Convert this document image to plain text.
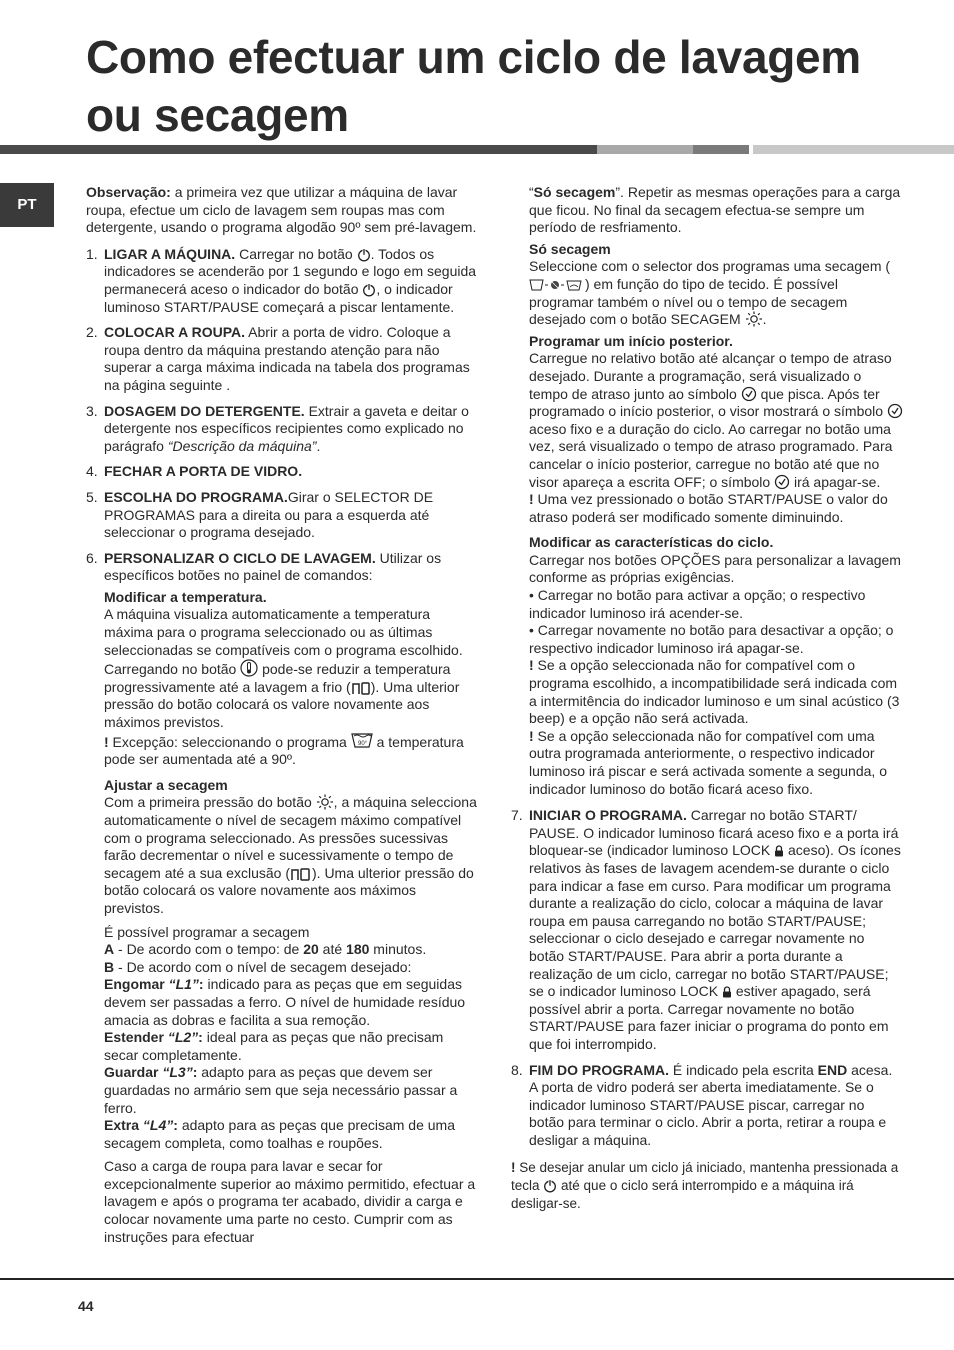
Como efectuar um ciclo de lavagem ou secagem
PT
Observação: a primeira vez que utilizar a máquina de lavar roupa, efectue um ciclo de lavagem sem roupas mas com detergente, usando o programa algodão 90º sem pré-lavagem.
1. LIGAR A MÁQUINA. Carregar no botão . Todos os indicadores se acenderão por 1 segundo e logo em seguida permanecerá aceso o indicador do botão , o indicador luminoso START/PAUSE começará a piscar lentamente.
2. COLOCAR A ROUPA. Abrir a porta de vidro. Coloque a roupa dentro da máquina prestando atenção para não superar a carga máxima indicada na tabela dos programas na página seguinte .
3. DOSAGEM DO DETERGENTE. Extrair a gaveta e deitar o detergente nos específicos recipientes como explicado no parágrafo “Descrição da máquina”.
4. FECHAR A PORTA DE VIDRO.
5. ESCOLHA DO PROGRAMA.Girar o SELECTOR DE PROGRAMAS para a direita ou para a esquerda até seleccionar o programa desejado.
6. PERSONALIZAR O CICLO DE LAVAGEM. Utilizar os específicos botões no painel de comandos:
Modificar a temperatura.
A máquina visualiza automaticamente a temperatura máxima para o programa seleccionado ou as últimas seleccionadas se compatíveis com o programa escolhido. Carregando no botão  pode-se reduzir a temperatura progressivamente até a lavagem a frio ( ). Uma ulterior pressão do botão colocará os valore novamente aos máximos previstos.
! Excepção: seleccionando o programa 90° a temperatura pode ser aumentada até a 90º.
Ajustar a secagem
Com a primeira pressão do botão , a máquina selecciona automaticamente o nível de secagem máximo compatível com o programa seleccionado. As pressões sucessivas farão decrementar o nível e sucessivamente o tempo de secagem até a sua exclusão ( ). Uma ulterior pressão do botão colocará os valore novamente aos máximos previstos.
É possível programar a secagem
A - De acordo com o tempo: de 20 até 180 minutos.
B - De acordo com o nível de secagem desejado:
Engomar “L1”: indicado para as peças que em seguidas devem ser passadas a ferro. O nível de humidade resíduo amacia as dobras e facilita a sua remoção.
Estender “L2”: ideal para as peças que não precisam secar completamente.
Guardar “L3”: adapto para as peças que devem ser guardadas no armário sem que seja necessário passar a ferro.
Extra “L4”: adapto para as peças que precisam de uma secagem completa, como toalhas e roupões.
Caso a carga de roupa para lavar e secar for excepcionalmente superior ao máximo permitido, efectuar a lavagem e após o programa ter acabado, dividir a carga e colocar novamente uma parte no cesto. Cumprir com as instruções para efectuar
“Só secagem”. Repetir as mesmas operações para a carga que ficou. No final da secagem efectua-se sempre um período de resfriamento.
Só secagem
Seleccione com o selector dos programas uma secagem () em função do tipo de tecido. É possível programar também o nível ou o tempo de secagem desejado com o botão SECAGEM .
Programar um início posterior.
Carregue no relativo botão até alcançar o tempo de atraso desejado. Durante a programação, será visualizado o tempo de atraso junto ao símbolo  que pisca. Após ter programado o início posterior, o visor mostrará o símbolo  aceso fixo e a duração do ciclo. Ao carregar no botão uma vez, será visualizado o tempo de atraso programado. Para cancelar o início posterior, carregue no botão até que no visor apareça a escrita OFF; o símbolo  irá apagar-se.
! Uma vez pressionado o botão START/PAUSE o valor do atraso poderá ser modificado somente diminuindo.
Modificar as características do ciclo.
Carregar nos botões OPÇÕES para personalizar a lavagem conforme as próprias exigências.
• Carregar no botão para activar a opção; o respectivo indicador luminoso irá acender-se.
• Carregar novamente no botão para desactivar a opção; o respectivo indicador luminoso irá apagar-se.
! Se a opção seleccionada não for compatível com o programa escolhido, a incompatibilidade será indicada com a intermitência do indicador luminoso e um sinal acústico (3 beep) e a opção não será activada.
! Se a opção seleccionada não for compatível com uma outra programada anteriormente, o respectivo indicador luminoso irá piscar e será activada somente a segunda, o indicador luminoso do botão ficará aceso fixo.
7. INICIAR O PROGRAMA. Carregar no botão START/ PAUSE. O indicador luminoso ficará aceso fixo e a porta irá bloquear-se (indicador luminoso LOCK  aceso). Os ícones relativos às fases de lavagem acendem-se durante o ciclo para indicar a fase em curso. Para modificar um programa durante a realização do ciclo, colocar a máquina de lavar roupa em pausa carregando no botão START/PAUSE; seleccionar o ciclo desejado e carregar novamente no botão START/PAUSE. Para abrir a porta durante a realização de um ciclo, carregar no botão START/PAUSE; se o indicador luminoso LOCK  estiver apagado, será possível abrir a porta. Carregar novamente no botão START/PAUSE para fazer iniciar o programa do ponto em que foi interrompido.
8. FIM DO PROGRAMA. É indicado pela escrita END acesa. A porta de vidro poderá ser aberta imediatamente. Se o indicador luminoso START/PAUSE piscar, carregar no botão para terminar o ciclo. Abrir a porta, retirar a roupa e desligar a máquina.
! Se desejar anular um ciclo já iniciado, mantenha pressionada a tecla  até que o ciclo será interrompido e a máquina irá desligar-se.
44
